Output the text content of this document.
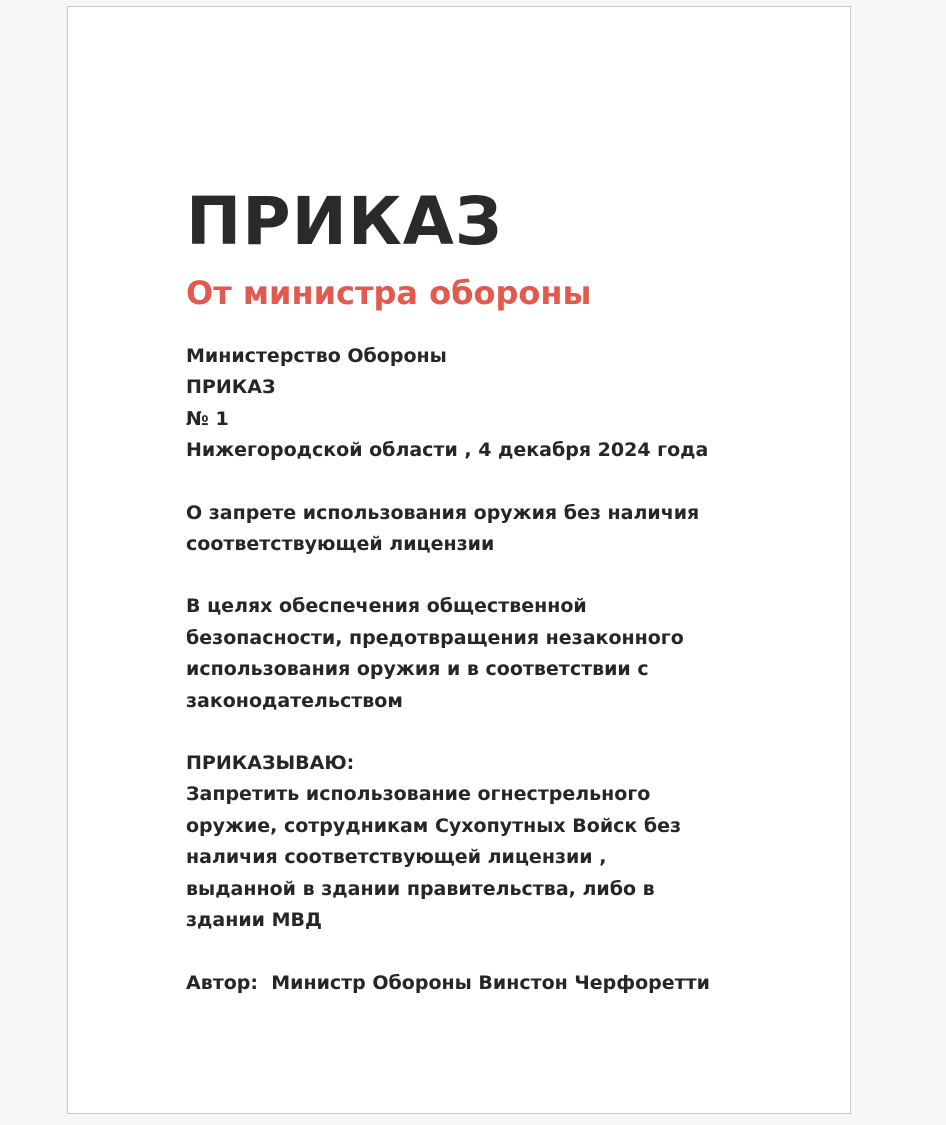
ПРИКАЗ
От министра обороны
Министерство Обороны
ПРИКАЗ
№ 1
Нижегородской области , 4 декабря 2024 года
О запрете использования оружия без наличия
соответствующей лицензии
В целях обеспечения общественной
безопасности, предотвращения незаконного
использования оружия и в соответствии с
законодательством
ПРИКАЗЫВАЮ:
Запретить использование огнестрельного
оружие, сотрудникам Сухопутных Войск без
наличия соответствующей лицензии ,
выданной в здании правительства, либо в
здании МВД
Автор: Министр Обороны Винстон Черфоретти
